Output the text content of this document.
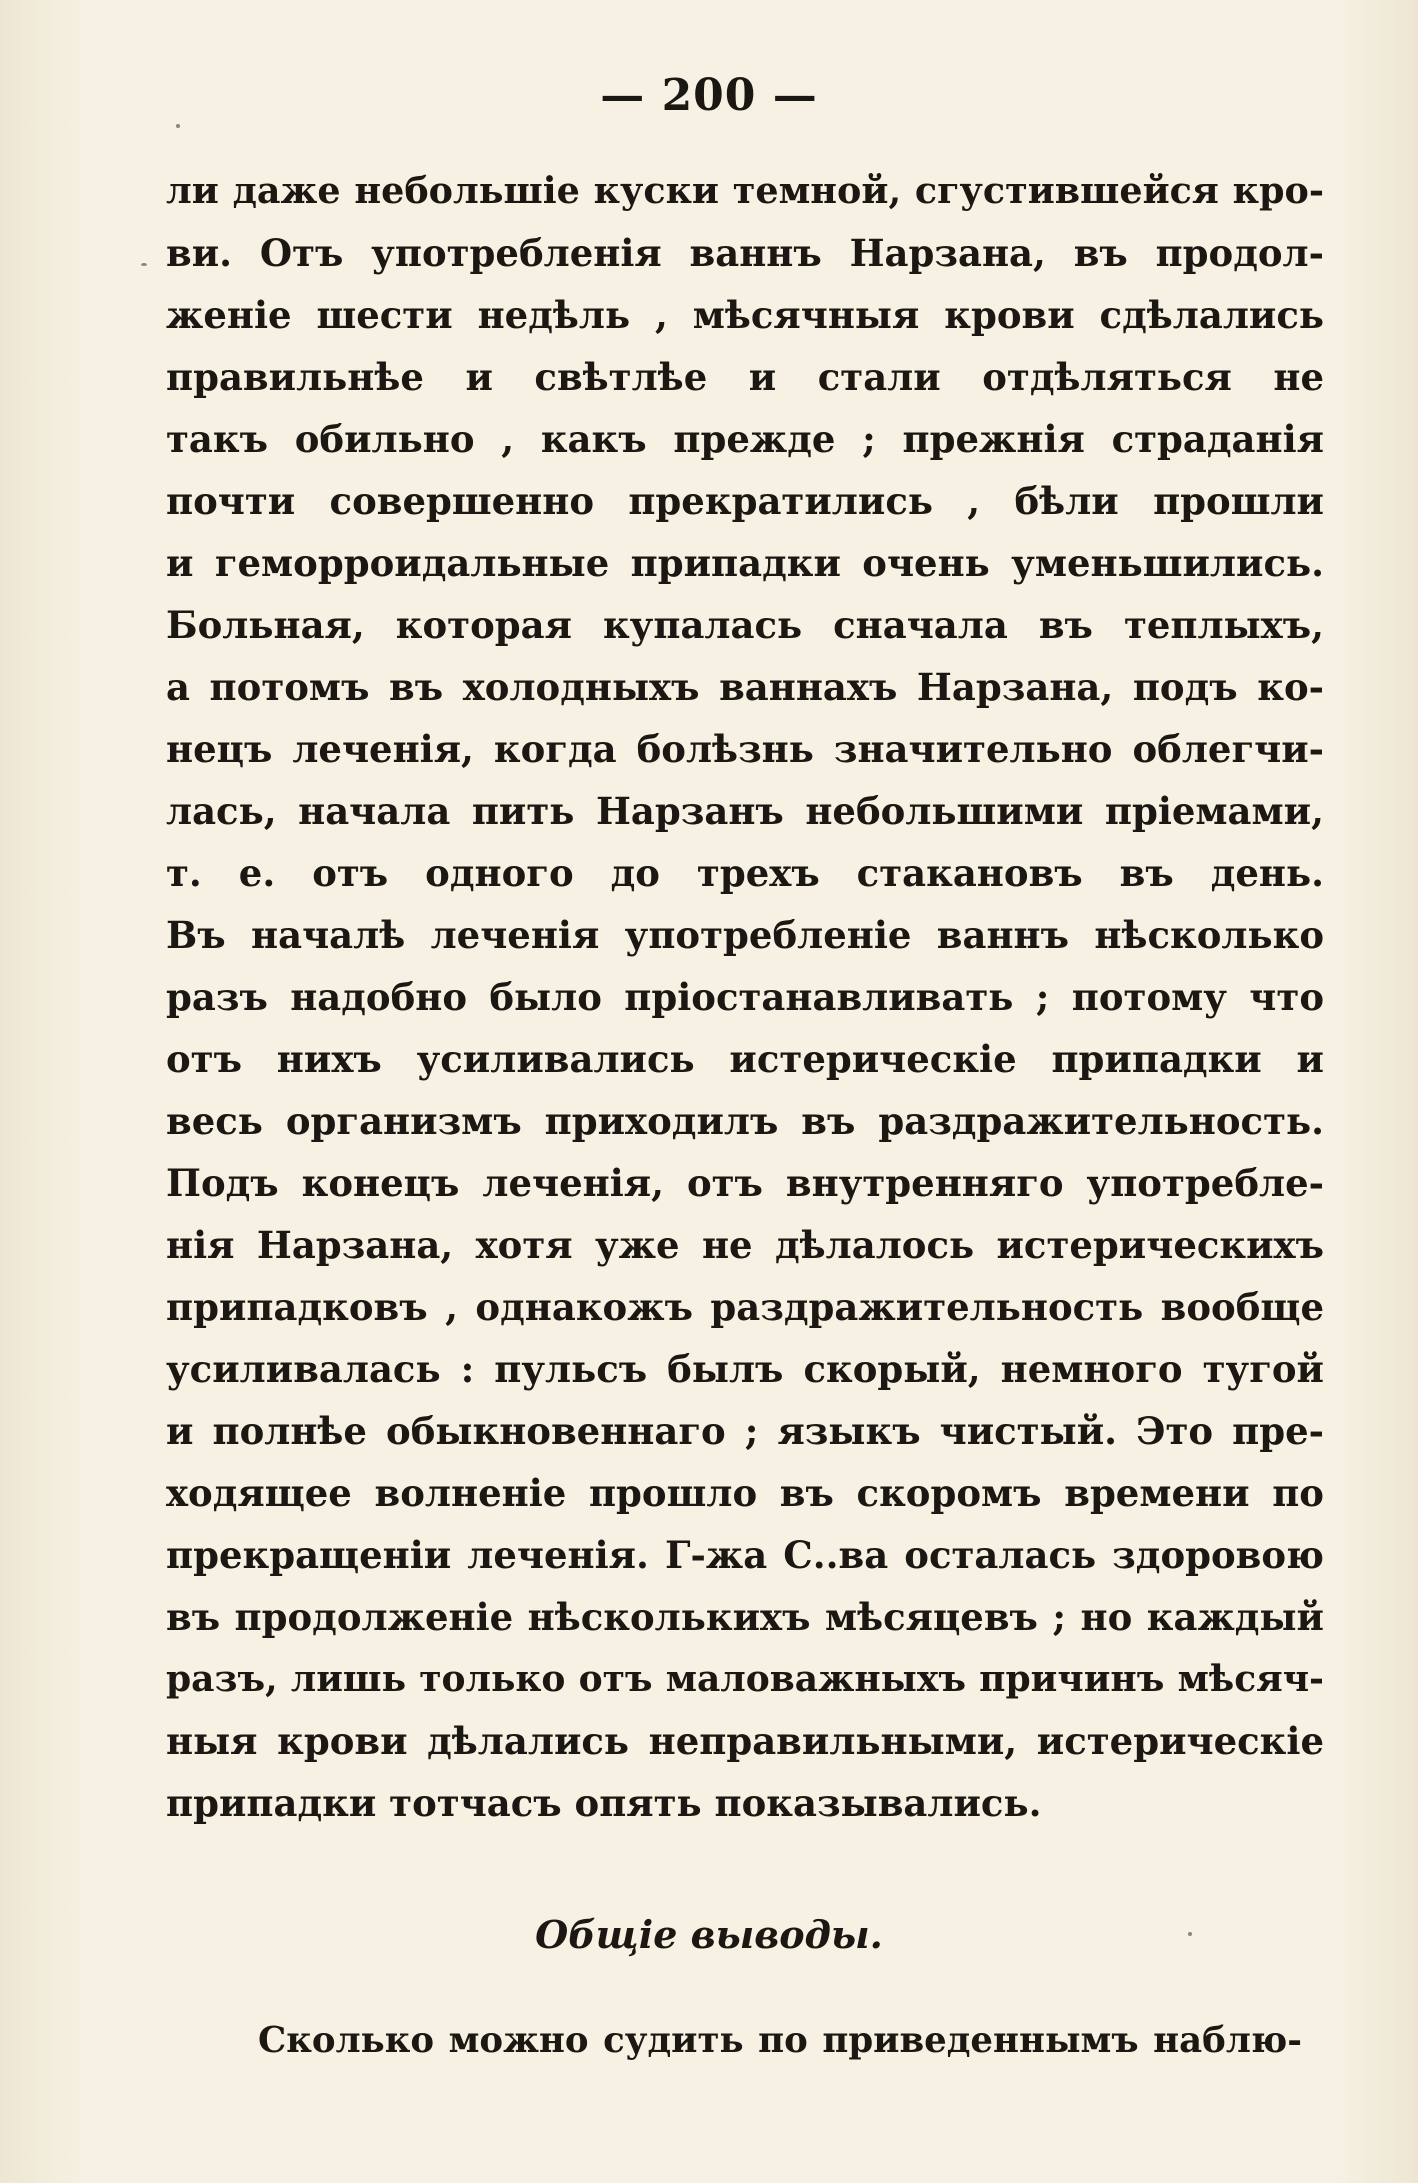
— 200 —
ли даже небольшіе куски темной, сгустившейся кро-
ви. Отъ употребленія ваннъ Нарзана, въ продол-
женіе шести недѣль , мѣсячныя крови сдѣлались
правильнѣе и свѣтлѣе и стали отдѣляться не
такъ обильно , какъ прежде ; прежнія страданія
почти совершенно прекратились , бѣли прошли
и геморроидальные припадки очень уменьшились.
Больная, которая купалась сначала въ теплыхъ,
а потомъ въ холодныхъ ваннахъ Нарзана, подъ ко-
нецъ леченія, когда болѣзнь значительно облегчи-
лась, начала пить Нарзанъ небольшими пріемами,
т. е. отъ одного до трехъ стакановъ въ день.
Въ началѣ леченія употребленіе ваннъ нѣсколько
разъ надобно было пріостанавливать ; потому что
отъ нихъ усиливались истерическіе припадки и
весь организмъ приходилъ въ раздражительность.
Подъ конецъ леченія, отъ внутренняго употребле-
нія Нарзана, хотя уже не дѣлалось истерическихъ
припадковъ , однакожъ раздражительность вообще
усиливалась : пульсъ былъ скорый, немного тугой
и полнѣе обыкновеннаго ; языкъ чистый. Это пре-
ходящее волненіе прошло въ скоромъ времени по
прекращеніи леченія. Г-жа С..ва осталась здоровою
въ продолженіе нѣсколькихъ мѣсяцевъ ; но каждый
разъ, лишь только отъ маловажныхъ причинъ мѣсяч-
ныя крови дѣлались неправильными, истерическіе
припадки тотчасъ опять показывались.
Общіе выводы.
Сколько можно судить по приведеннымъ наблю-
